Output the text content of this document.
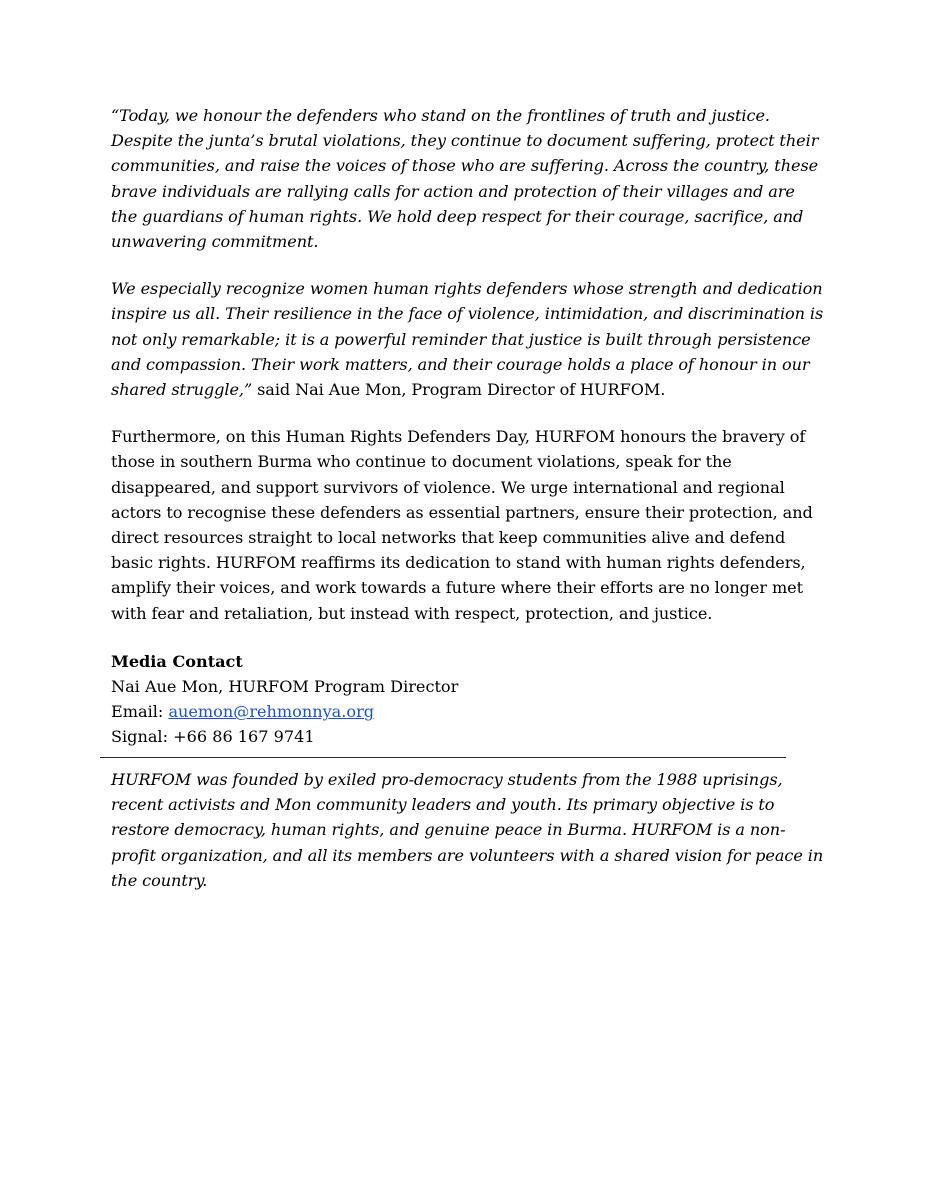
“Today, we honour the defenders who stand on the frontlines of truth and justice. Despite the junta’s brutal violations, they continue to document suffering, protect their communities, and raise the voices of those who are suffering. Across the country, these brave individuals are rallying calls for action and protection of their villages and are the guardians of human rights. We hold deep respect for their courage, sacrifice, and unwavering commitment.

We especially recognize women human rights defenders whose strength and dedication inspire us all. Their resilience in the face of violence, intimidation, and discrimination is not only remarkable; it is a powerful reminder that justice is built through persistence and compassion. Their work matters, and their courage holds a place of honour in our shared struggle,” said Nai Aue Mon, Program Director of HURFOM.

Furthermore, on this Human Rights Defenders Day, HURFOM honours the bravery of those in southern Burma who continue to document violations, speak for the disappeared, and support survivors of violence. We urge international and regional actors to recognise these defenders as essential partners, ensure their protection, and direct resources straight to local networks that keep communities alive and defend basic rights. HURFOM reaffirms its dedication to stand with human rights defenders, amplify their voices, and work towards a future where their efforts are no longer met with fear and retaliation, but instead with respect, protection, and justice.

Media Contact
Nai Aue Mon, HURFOM Program Director
Email: auemon@rehmonnya.org
Signal: +66 86 167 9741

HURFOM was founded by exiled pro-democracy students from the 1988 uprisings, recent activists and Mon community leaders and youth. Its primary objective is to restore democracy, human rights, and genuine peace in Burma. HURFOM is a non-profit organization, and all its members are volunteers with a shared vision for peace in the country.
